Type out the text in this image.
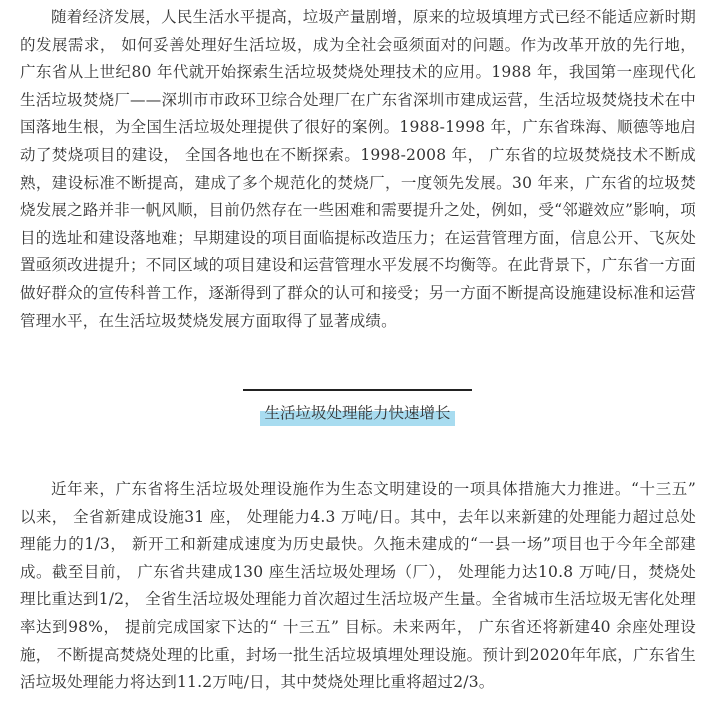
随着经济发展，人民生活水平提高，垃圾产量剧增，原来的垃圾填埋方式已经不能适应新时期的发展需求， 如何妥善处理好生活垃圾，成为全社会亟须面对的问题。作为改革开放的先行地，广东省从上世纪80 年代就开始探索生活垃圾焚烧处理技术的应用。1988 年，我国第一座现代化生活垃圾焚烧厂——深圳市市政环卫综合处理厂在广东省深圳市建成运营，生活垃圾焚烧技术在中国落地生根，为全国生活垃圾处理提供了很好的案例。1988-1998 年，广东省珠海、顺德等地启动了焚烧项目的建设， 全国各地也在不断探索。1998-2008 年， 广东省的垃圾焚烧技术不断成熟，建设标准不断提高，建成了多个规范化的焚烧厂，一度领先发展。30 年来，广东省的垃圾焚烧发展之路并非一帆风顺，目前仍然存在一些困难和需要提升之处，例如，受“邻避效应”影响，项目的选址和建设落地难；早期建设的项目面临提标改造压力；在运营管理方面，信息公开、飞灰处置亟须改进提升；不同区域的项目建设和运营管理水平发展不均衡等。在此背景下，广东省一方面做好群众的宣传科普工作，逐渐得到了群众的认可和接受；另一方面不断提高设施建设标准和运营管理水平，在生活垃圾焚烧发展方面取得了显著成绩。

生活垃圾处理能力快速增长

近年来，广东省将生活垃圾处理设施作为生态文明建设的一项具体措施大力推进。“十三五” 以来， 全省新建成设施31 座， 处理能力4.3 万吨/日。其中，去年以来新建的处理能力超过总处理能力的1/3， 新开工和新建成速度为历史最快。久拖未建成的“一县一场”项目也于今年全部建成。截至目前， 广东省共建成130 座生活垃圾处理场（厂）， 处理能力达10.8 万吨/日，焚烧处理比重达到1/2， 全省生活垃圾处理能力首次超过生活垃圾产生量。全省城市生活垃圾无害化处理率达到98%， 提前完成国家下达的“ 十三五” 目标。未来两年， 广东省还将新建40 余座处理设施， 不断提高焚烧处理的比重，封场一批生活垃圾填埋处理设施。预计到2020年年底，广东省生活垃圾处理能力将达到11.2万吨/日，其中焚烧处理比重将超过2/3。
